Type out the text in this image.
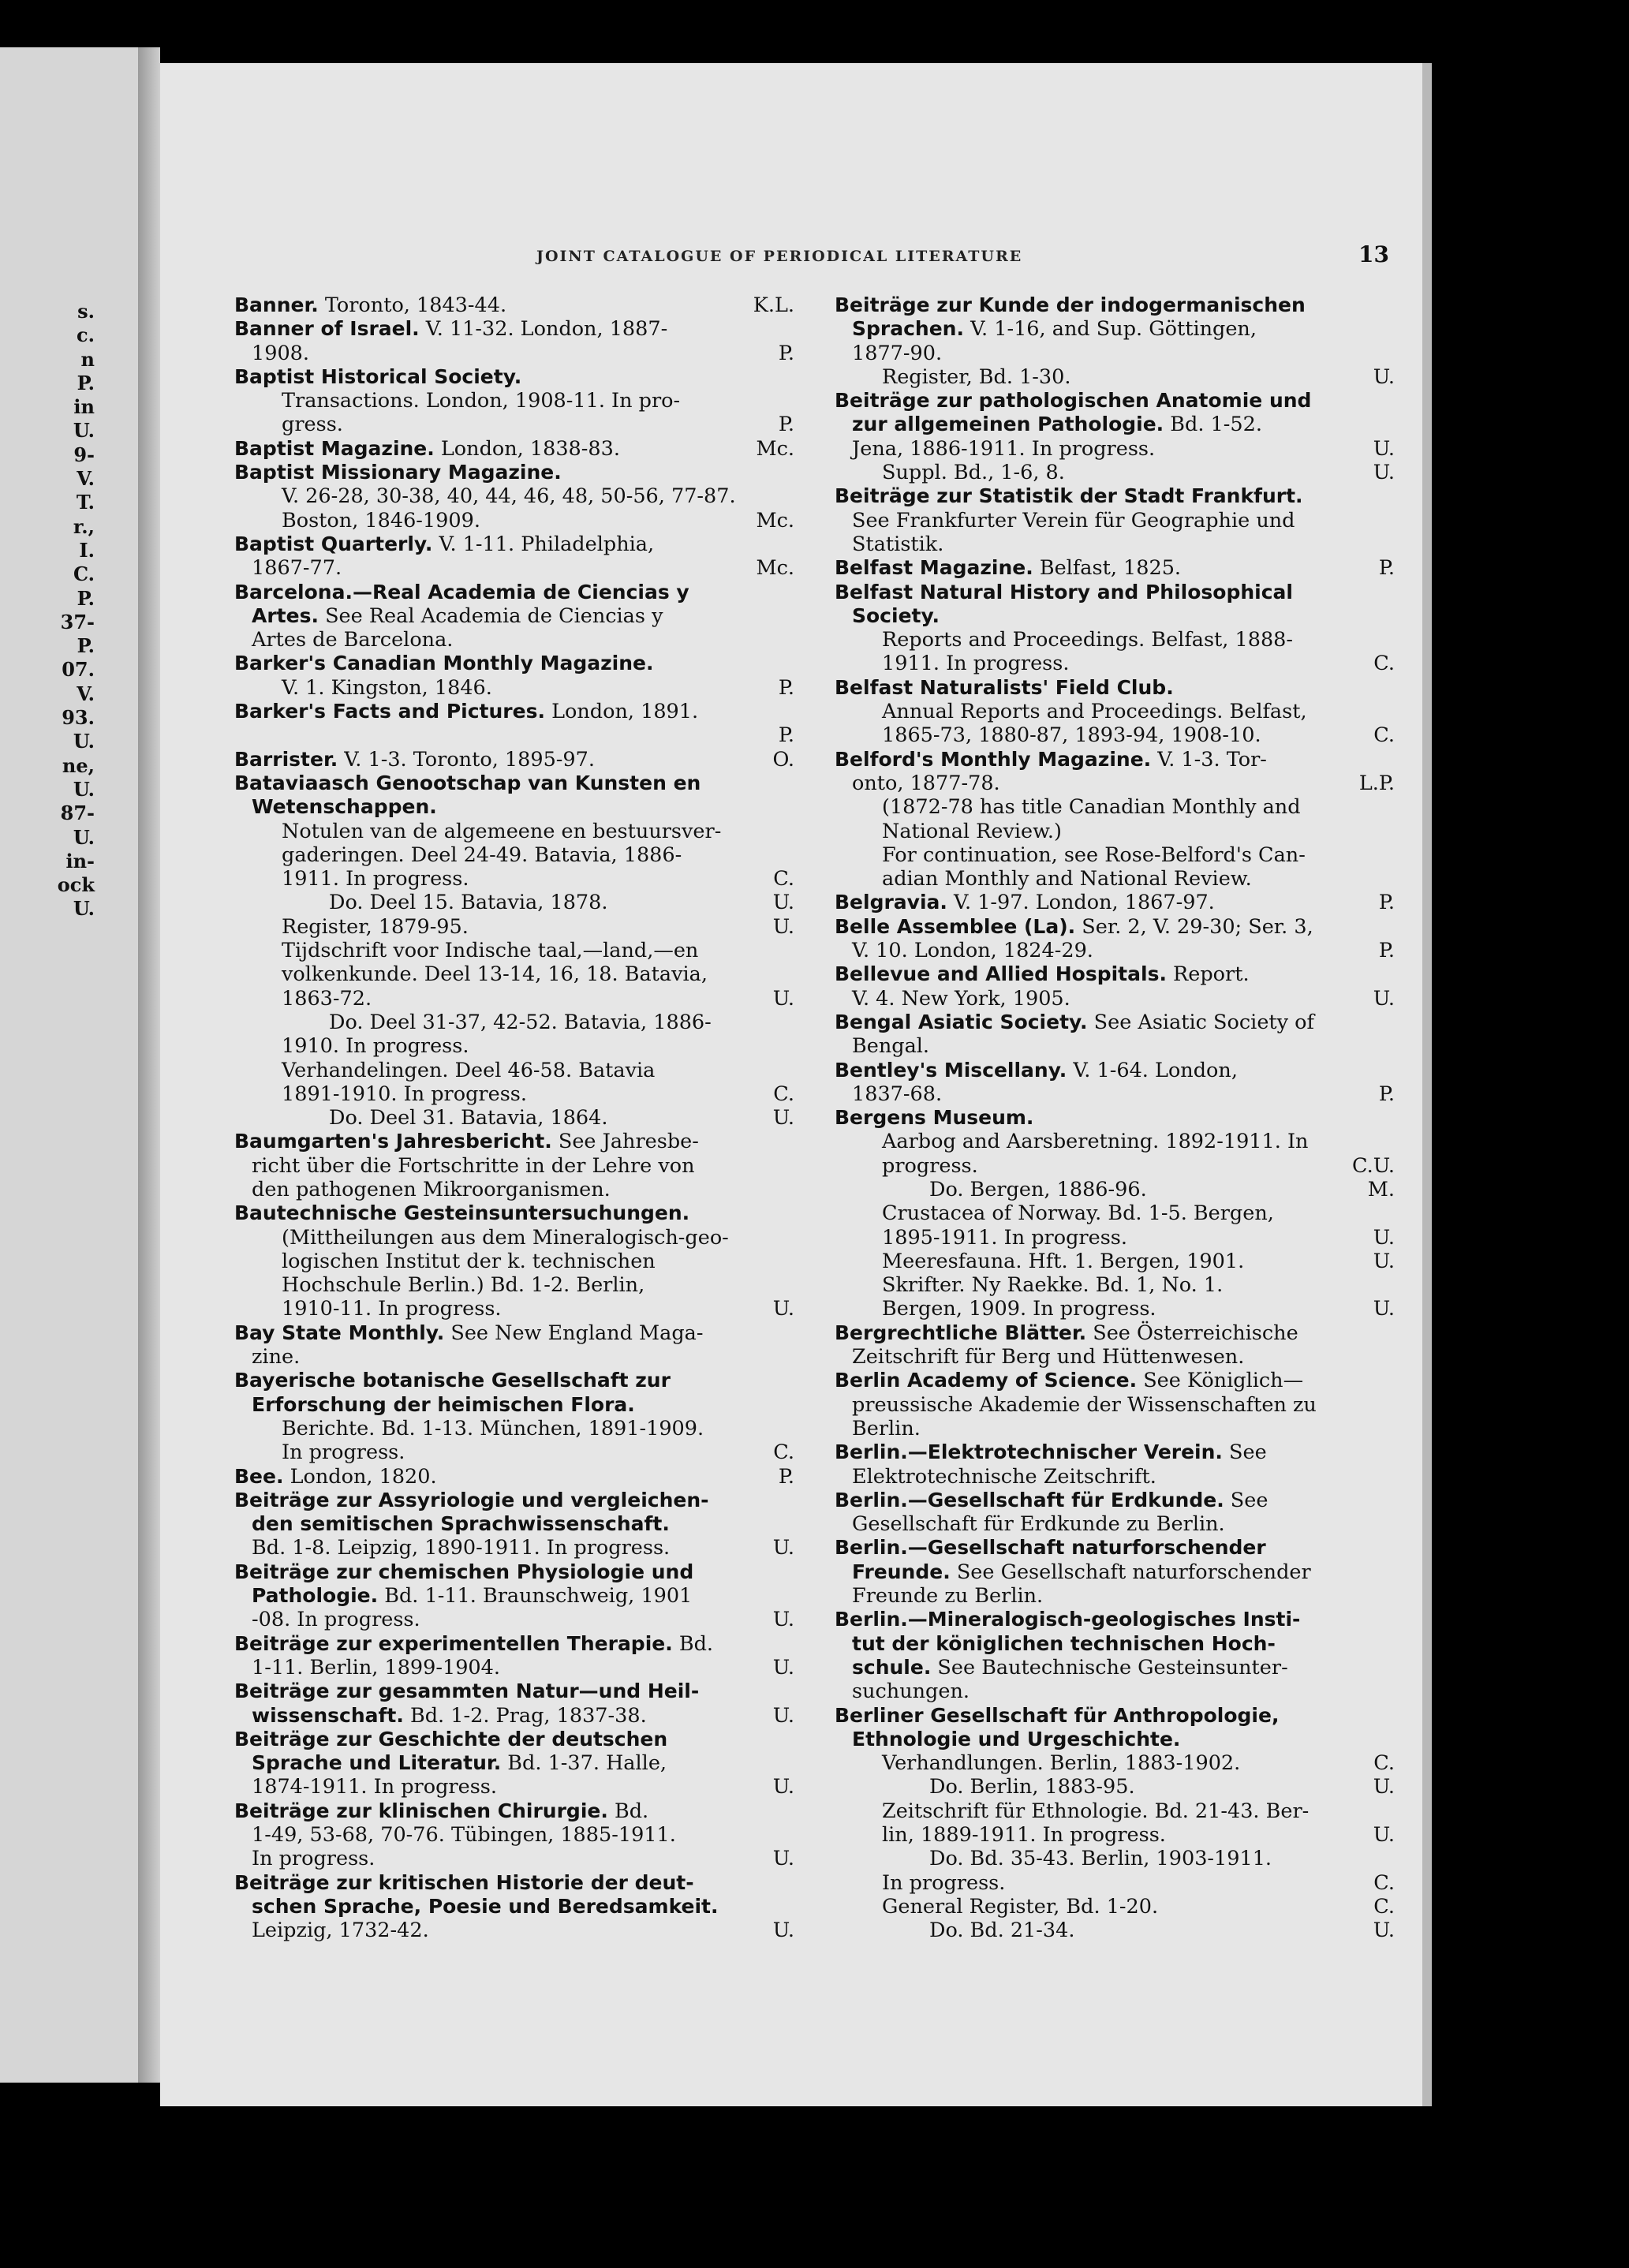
s.
c.
n
P.
in
U.
9-
V.
T.
r.,
I.
C.
P.
37-
P.
07.
V.
93.
U.
ne,
U.
87-
U.
in-
ock
U.
JOINT CATALOGUE OF PERIODICAL LITERATURE	13
Banner. Toronto, 1843-44.	K.L.
Banner of Israel. V. 11-32. London, 1887-
1908.	P.
Baptist Historical Society.
Transactions. London, 1908-11. In pro-
gress.	P.
Baptist Magazine. London, 1838-83.	Mc.
Baptist Missionary Magazine.
V. 26-28, 30-38, 40, 44, 46, 48, 50-56, 77-87.
Boston, 1846-1909.	Mc.
Baptist Quarterly. V. 1-11. Philadelphia,
1867-77.	Mc.
Barcelona.—Real Academia de Ciencias y
Artes. See Real Academia de Ciencias y
Artes de Barcelona.
Barker's Canadian Monthly Magazine.
V. 1. Kingston, 1846.	P.
Barker's Facts and Pictures. London, 1891.
P.
Barrister. V. 1-3. Toronto, 1895-97.	O.
Bataviaasch Genootschap van Kunsten en
Wetenschappen.
Notulen van de algemeene en bestuursver-
gaderingen. Deel 24-49. Batavia, 1886-
1911. In progress.	C.
Do. Deel 15. Batavia, 1878.	U.
Register, 1879-95.	U.
Tijdschrift voor Indische taal,—land,—en
volkenkunde. Deel 13-14, 16, 18. Batavia,
1863-72.	U.
Do. Deel 31-37, 42-52. Batavia, 1886-
1910. In progress.
Verhandelingen. Deel 46-58. Batavia
1891-1910. In progress.	C.
Do. Deel 31. Batavia, 1864.	U.
Baumgarten's Jahresbericht. See Jahresbe-
richt über die Fortschritte in der Lehre von
den pathogenen Mikroorganismen.
Bautechnische Gesteinsuntersuchungen.
(Mittheilungen aus dem Mineralogisch-geo-
logischen Institut der k. technischen
Hochschule Berlin.) Bd. 1-2. Berlin,
1910-11. In progress.	U.
Bay State Monthly. See New England Maga-
zine.
Bayerische botanische Gesellschaft zur
Erforschung der heimischen Flora.
Berichte. Bd. 1-13. München, 1891-1909.
In progress.	C.
Bee. London, 1820.	P.
Beiträge zur Assyriologie und vergleichen-
den semitischen Sprachwissenschaft.
Bd. 1-8. Leipzig, 1890-1911. In progress.	U.
Beiträge zur chemischen Physiologie und
Pathologie. Bd. 1-11. Braunschweig, 1901
-08. In progress.	U.
Beiträge zur experimentellen Therapie. Bd.
1-11. Berlin, 1899-1904.	U.
Beiträge zur gesammten Natur—und Heil-
wissenschaft. Bd. 1-2. Prag, 1837-38.	U.
Beiträge zur Geschichte der deutschen
Sprache und Literatur. Bd. 1-37. Halle,
1874-1911. In progress.	U.
Beiträge zur klinischen Chirurgie. Bd.
1-49, 53-68, 70-76. Tübingen, 1885-1911.
In progress.	U.
Beiträge zur kritischen Historie der deut-
schen Sprache, Poesie und Beredsamkeit.
Leipzig, 1732-42.	U.
Beiträge zur Kunde der indogermanischen
Sprachen. V. 1-16, and Sup. Göttingen,
1877-90.
Register, Bd. 1-30.	U.
Beiträge zur pathologischen Anatomie und
zur allgemeinen Pathologie. Bd. 1-52.
Jena, 1886-1911. In progress.	U.
Suppl. Bd., 1-6, 8.	U.
Beiträge zur Statistik der Stadt Frankfurt.
See Frankfurter Verein für Geographie und
Statistik.
Belfast Magazine. Belfast, 1825.	P.
Belfast Natural History and Philosophical
Society.
Reports and Proceedings. Belfast, 1888-
1911. In progress.	C.
Belfast Naturalists' Field Club.
Annual Reports and Proceedings. Belfast,
1865-73, 1880-87, 1893-94, 1908-10.	C.
Belford's Monthly Magazine. V. 1-3. Tor-
onto, 1877-78.	L.P.
(1872-78 has title Canadian Monthly and
National Review.)
For continuation, see Rose-Belford's Can-
adian Monthly and National Review.
Belgravia. V. 1-97. London, 1867-97.	P.
Belle Assemblee (La). Ser. 2, V. 29-30; Ser. 3,
V. 10. London, 1824-29.	P.
Bellevue and Allied Hospitals. Report.
V. 4. New York, 1905.	U.
Bengal Asiatic Society. See Asiatic Society of
Bengal.
Bentley's Miscellany. V. 1-64. London,
1837-68.	P.
Bergens Museum.
Aarbog and Aarsberetning. 1892-1911. In
progress.	C.U.
Do. Bergen, 1886-96.	M.
Crustacea of Norway. Bd. 1-5. Bergen,
1895-1911. In progress.	U.
Meeresfauna. Hft. 1. Bergen, 1901.	U.
Skrifter. Ny Raekke. Bd. 1, No. 1.
Bergen, 1909. In progress.	U.
Bergrechtliche Blätter. See Österreichische
Zeitschrift für Berg und Hüttenwesen.
Berlin Academy of Science. See Königlich—
preussische Akademie der Wissenschaften zu
Berlin.
Berlin.—Elektrotechnischer Verein. See
Elektrotechnische Zeitschrift.
Berlin.—Gesellschaft für Erdkunde. See
Gesellschaft für Erdkunde zu Berlin.
Berlin.—Gesellschaft naturforschender
Freunde. See Gesellschaft naturforschender
Freunde zu Berlin.
Berlin.—Mineralogisch-geologisches Insti-
tut der königlichen technischen Hoch-
schule. See Bautechnische Gesteinsunter-
suchungen.
Berliner Gesellschaft für Anthropologie,
Ethnologie und Urgeschichte.
Verhandlungen. Berlin, 1883-1902.	C.
Do. Berlin, 1883-95.	U.
Zeitschrift für Ethnologie. Bd. 21-43. Ber-
lin, 1889-1911. In progress.	U.
Do. Bd. 35-43. Berlin, 1903-1911.
In progress.	C.
General Register, Bd. 1-20.	C.
Do. Bd. 21-34.	U.
